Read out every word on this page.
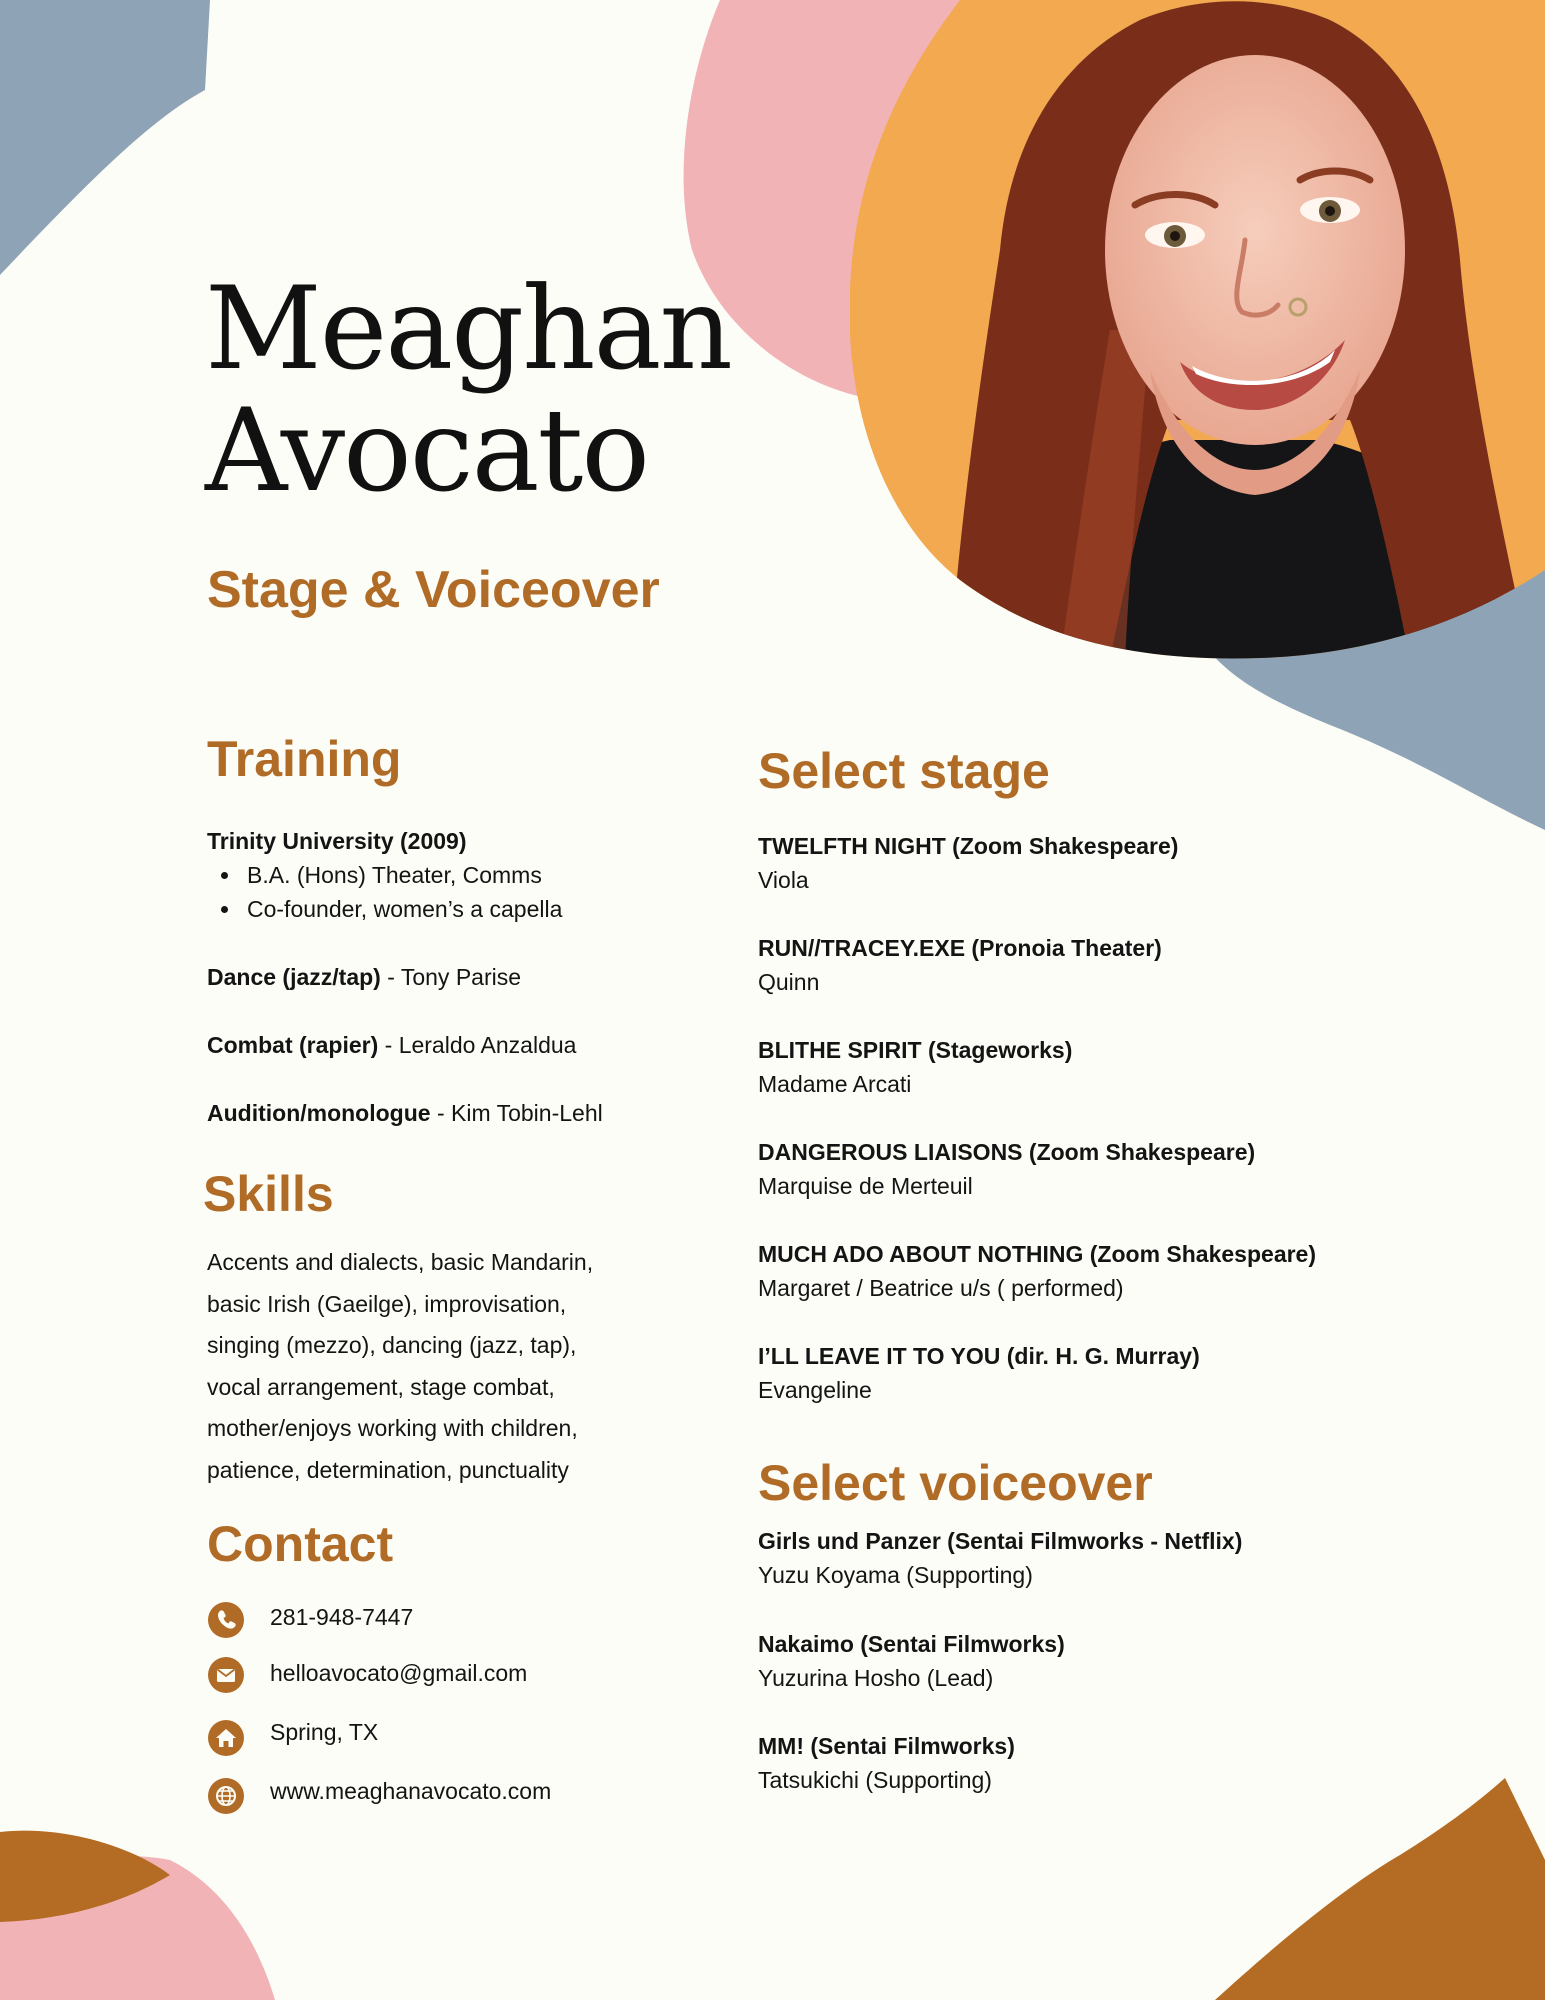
Meaghan
Avocato
Stage & Voiceover
Training

Trinity University (2009)

B.A. (Hons) Theater, Comms
Co-founder, women’s a capella

Dance (jazz/tap) - Tony Parise

Combat (rapier) - Leraldo Anzaldua

Audition/monologue - Kim Tobin-Lehl

Skills
Accents and dialects, basic Mandarin,
basic Irish (Gaeilge), improvisation,
singing (mezzo), dancing (jazz, tap),
vocal arrangement, stage combat,
mother/enjoys working with children,
patience, determination, punctuality
Contact

281-948-7447

helloavocato@gmail.com

Spring, TX

www.meaghanavocato.com

Select stage
TWELFTH NIGHT (Zoom Shakespeare)
Viola
RUN//TRACEY.EXE (Pronoia Theater)
Quinn
BLITHE SPIRIT (Stageworks)
Madame Arcati
DANGEROUS LIAISONS (Zoom Shakespeare)
Marquise de Merteuil
MUCH ADO ABOUT NOTHING (Zoom Shakespeare)
Margaret / Beatrice u/s ( performed)
I’LL LEAVE IT TO YOU (dir. H. G. Murray)
Evangeline
Select voiceover
Girls und Panzer (Sentai Filmworks - Netflix)
Yuzu Koyama (Supporting)
Nakaimo (Sentai Filmworks)
Yuzurina Hosho (Lead)
MM! (Sentai Filmworks)
Tatsukichi (Supporting)
